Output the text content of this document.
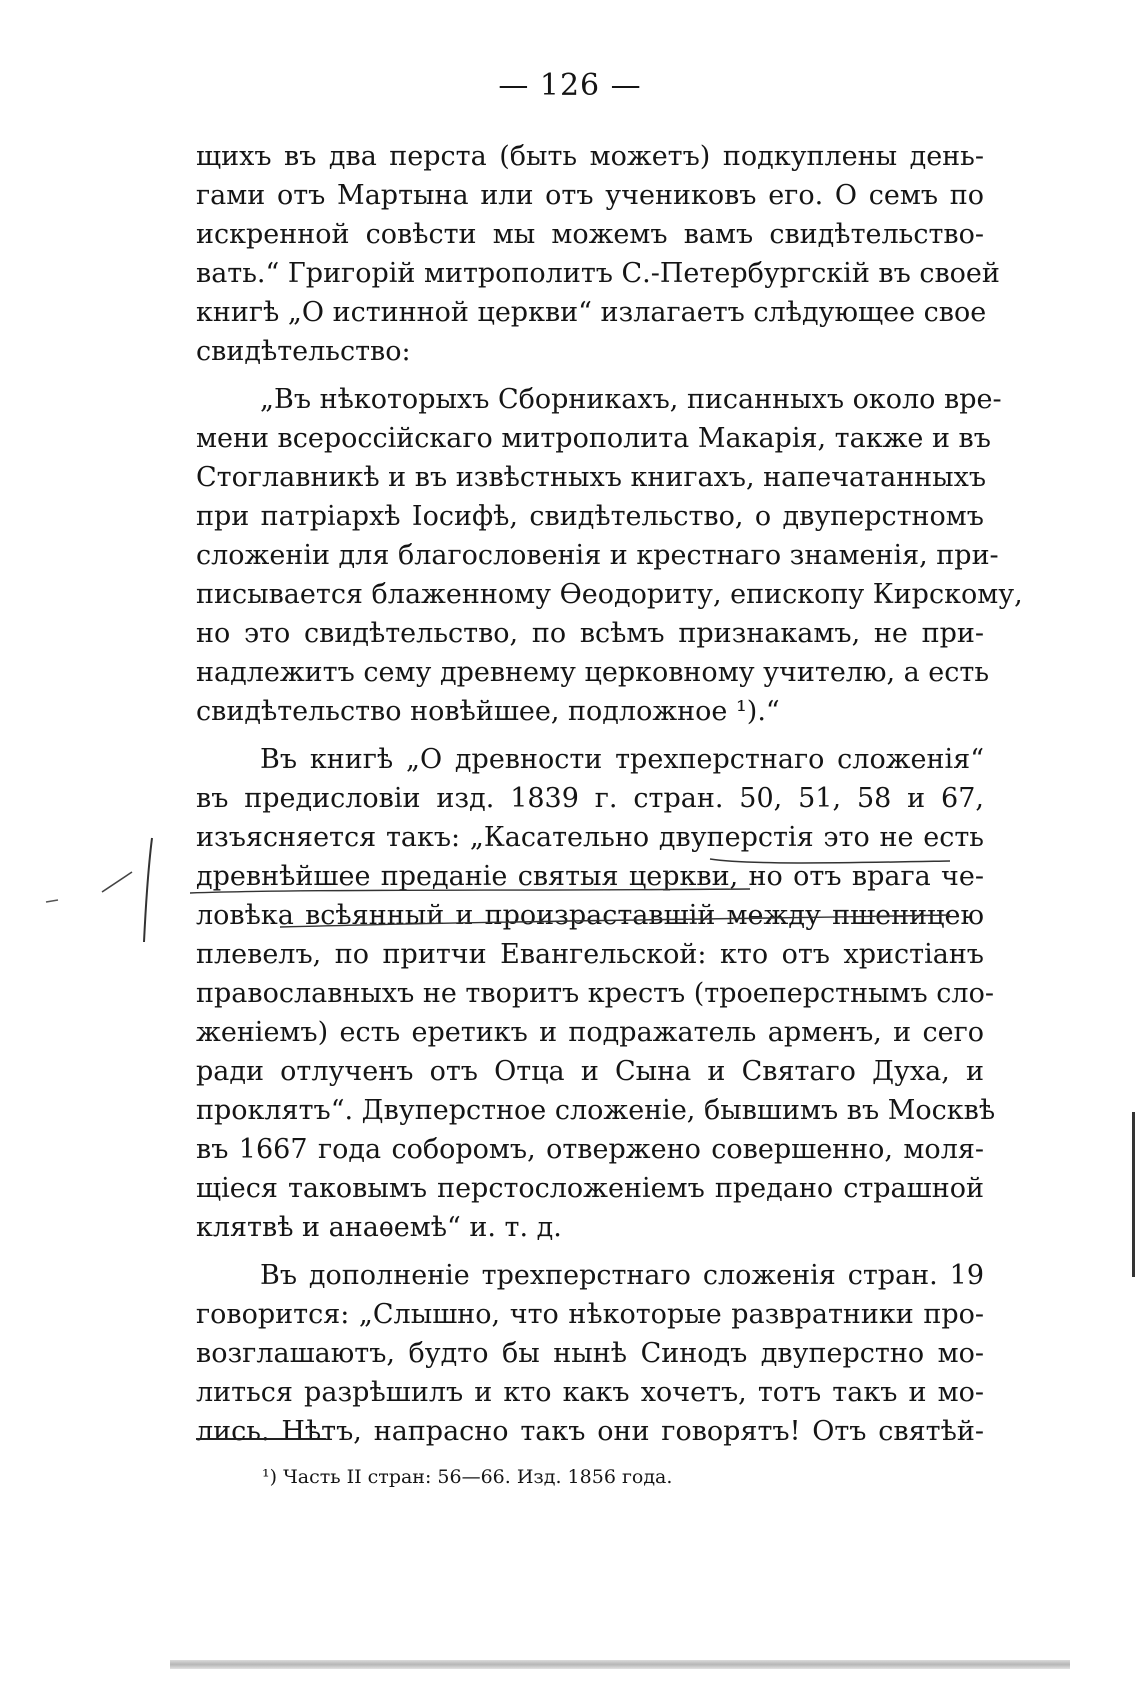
— 126 —
щихъ въ два перста (быть можетъ) подкуплены день-
гами отъ Мартына или отъ учениковъ его. О семъ по
искренной совѣсти мы можемъ вамъ свидѣтельство-
вать.“ Григорій митрополитъ С.-Петербургскій въ своей
книгѣ „О истинной церкви“ излагаетъ слѣдующее свое
свидѣтельство:
„Въ нѣкоторыхъ Сборникахъ, писанныхъ около вре-
мени всероссійскаго митрополита Макарія, также и въ
Стоглавникѣ и въ извѣстныхъ книгахъ, напечатанныхъ
при патріархѣ Іосифѣ, свидѣтельство, о двуперстномъ
сложеніи для благословенія и крестнаго знаменія, при-
писывается блаженному Ѳеодориту, епископу Кирскому,
но это свидѣтельство, по всѣмъ признакамъ, не при-
надлежитъ сему древнему церковному учителю, а есть
свидѣтельство новѣйшее, подложное ¹).“
Въ книгѣ „О древности трехперстнаго сложенія“
въ предисловіи изд. 1839 г. стран. 50, 51, 58 и 67,
изъясняется такъ: „Касательно двуперстія это не есть
древнѣйшее преданіе святыя церкви, но отъ врага че-
ловѣка всѣянный и произраставшій между пшеницею
плевелъ, по притчи Евангельской: кто отъ христіанъ
православныхъ не творитъ крестъ (троеперстнымъ сло-
женіемъ) есть еретикъ и подражатель арменъ, и сего
ради отлученъ отъ Отца и Сына и Святаго Духа, и
проклятъ“. Двуперстное сложеніе, бывшимъ въ Москвѣ
въ 1667 года соборомъ, отвержено совершенно, моля-
щіеся таковымъ перстосложеніемъ предано страшной
клятвѣ и анаѳемѣ“ и. т. д.
Въ дополненіе трехперстнаго сложенія стран. 19
говорится: „Слышно, что нѣкоторые развратники про-
возглашаютъ, будто бы нынѣ Синодъ двуперстно мо-
литься разрѣшилъ и кто какъ хочетъ, тотъ такъ и мо-
лись. Нѣтъ, напрасно такъ они говорятъ! Отъ святѣй-
¹) Часть II стран: 56—66. Изд. 1856 года.
